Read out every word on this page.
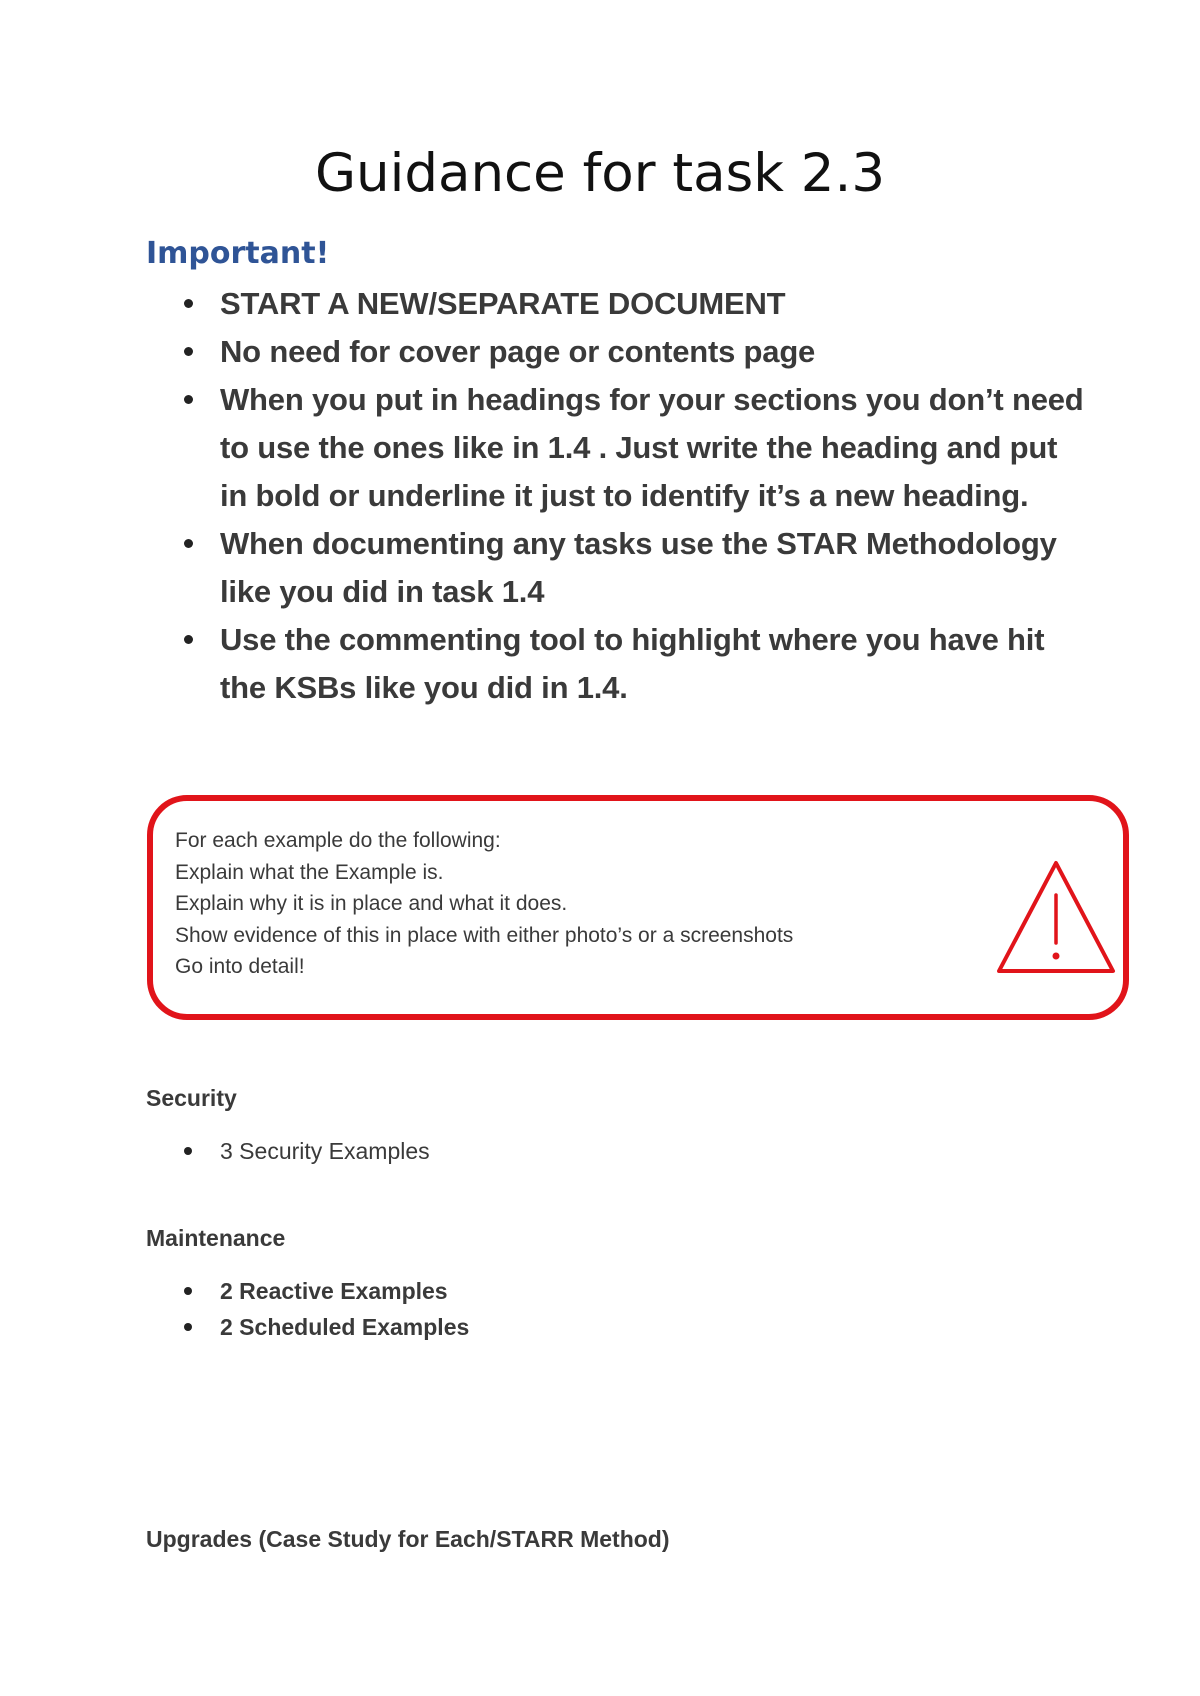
Guidance for task 2.3
Important!
START A NEW/SEPARATE DOCUMENT
No need for cover page or contents page
When you put in headings for your sections you don’t need to use the ones like in 1.4 . Just write the heading and put in bold or underline it just to identify it’s a new heading.
When documenting any tasks use the STAR Methodology like you did in task 1.4
Use the commenting tool to highlight where you have hit the KSBs like you did in 1.4.
For each example do the following:
Explain what the Example is.
Explain why it is in place and what it does.
Show evidence of this in place with either photo’s or a screenshots
Go into detail!
Security
3 Security Examples
Maintenance
2 Reactive Examples
2 Scheduled Examples
Upgrades (Case Study for Each/STARR Method)
